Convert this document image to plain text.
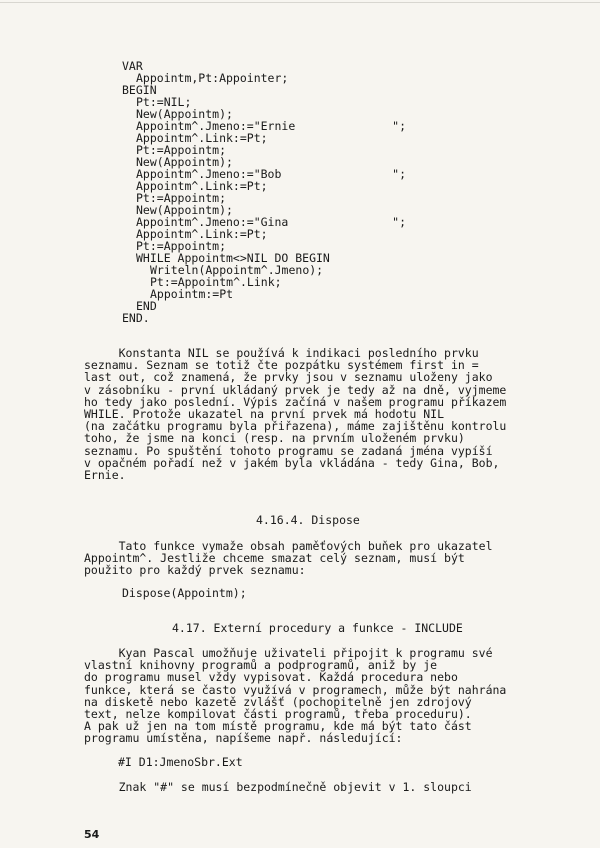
VAR
Appointm,Pt:Appointer;
BEGIN
Pt:=NIL;
New(Appointm);
Appointm^.Jmeno:="Ernie              ";
Appointm^.Link:=Pt;
Pt:=Appointm;
New(Appointm);
Appointm^.Jmeno:="Bob                ";
Appointm^.Link:=Pt;
Pt:=Appointm;
New(Appointm);
Appointm^.Jmeno:="Gina               ";
Appointm^.Link:=Pt;
Pt:=Appointm;
WHILE Appointm<>NIL DO BEGIN
Writeln(Appointm^.Jmeno);
Pt:=Appointm^.Link;
Appointm:=Pt
END
END.
Konstanta NIL se používá k indikaci posledního prvku
seznamu. Seznam se totiž čte pozpátku systémem first in =
last out, což znamená, že prvky jsou v seznamu uloženy jako
v zásobníku - první ukládaný prvek je tedy až na dně, vyjmeme
ho tedy jako poslední. Výpis začíná v našem programu příkazem
WHILE. Protože ukazatel na první prvek má hodotu NIL
(na začátku programu byla přiřazena), máme zajištěnu kontrolu
toho, že jsme na konci (resp. na prvním uloženém prvku)
seznamu. Po spuštění tohoto programu se zadaná jména vypíší
v opačném pořadí než v jakém byla vkládána - tedy Gina, Bob,
Ernie.
4.16.4. Dispose
Tato funkce vymaže obsah paměťových buňek pro ukazatel
Appointm^. Jestliže chceme smazat celý seznam, musí být
použito pro každý prvek seznamu:
Dispose(Appointm);
4.17. Externí procedury a funkce - INCLUDE
Kyan Pascal umožňuje uživateli připojit k programu své
vlastní knihovny programů a podprogramů, aniž by je
do programu musel vždy vypisovat. Každá procedura nebo
funkce, která se často využívá v programech, může být nahrána
na disketě nebo kazetě zvlášť (pochopitelně jen zdrojový
text, nelze kompilovat části programů, třeba proceduru).
A pak už jen na tom místě programu, kde má být tato část
programu umístěna, napíšeme např. následující:
#I D1:JmenoSbr.Ext
Znak "#" se musí bezpodmínečně objevit v 1. sloupci
54
